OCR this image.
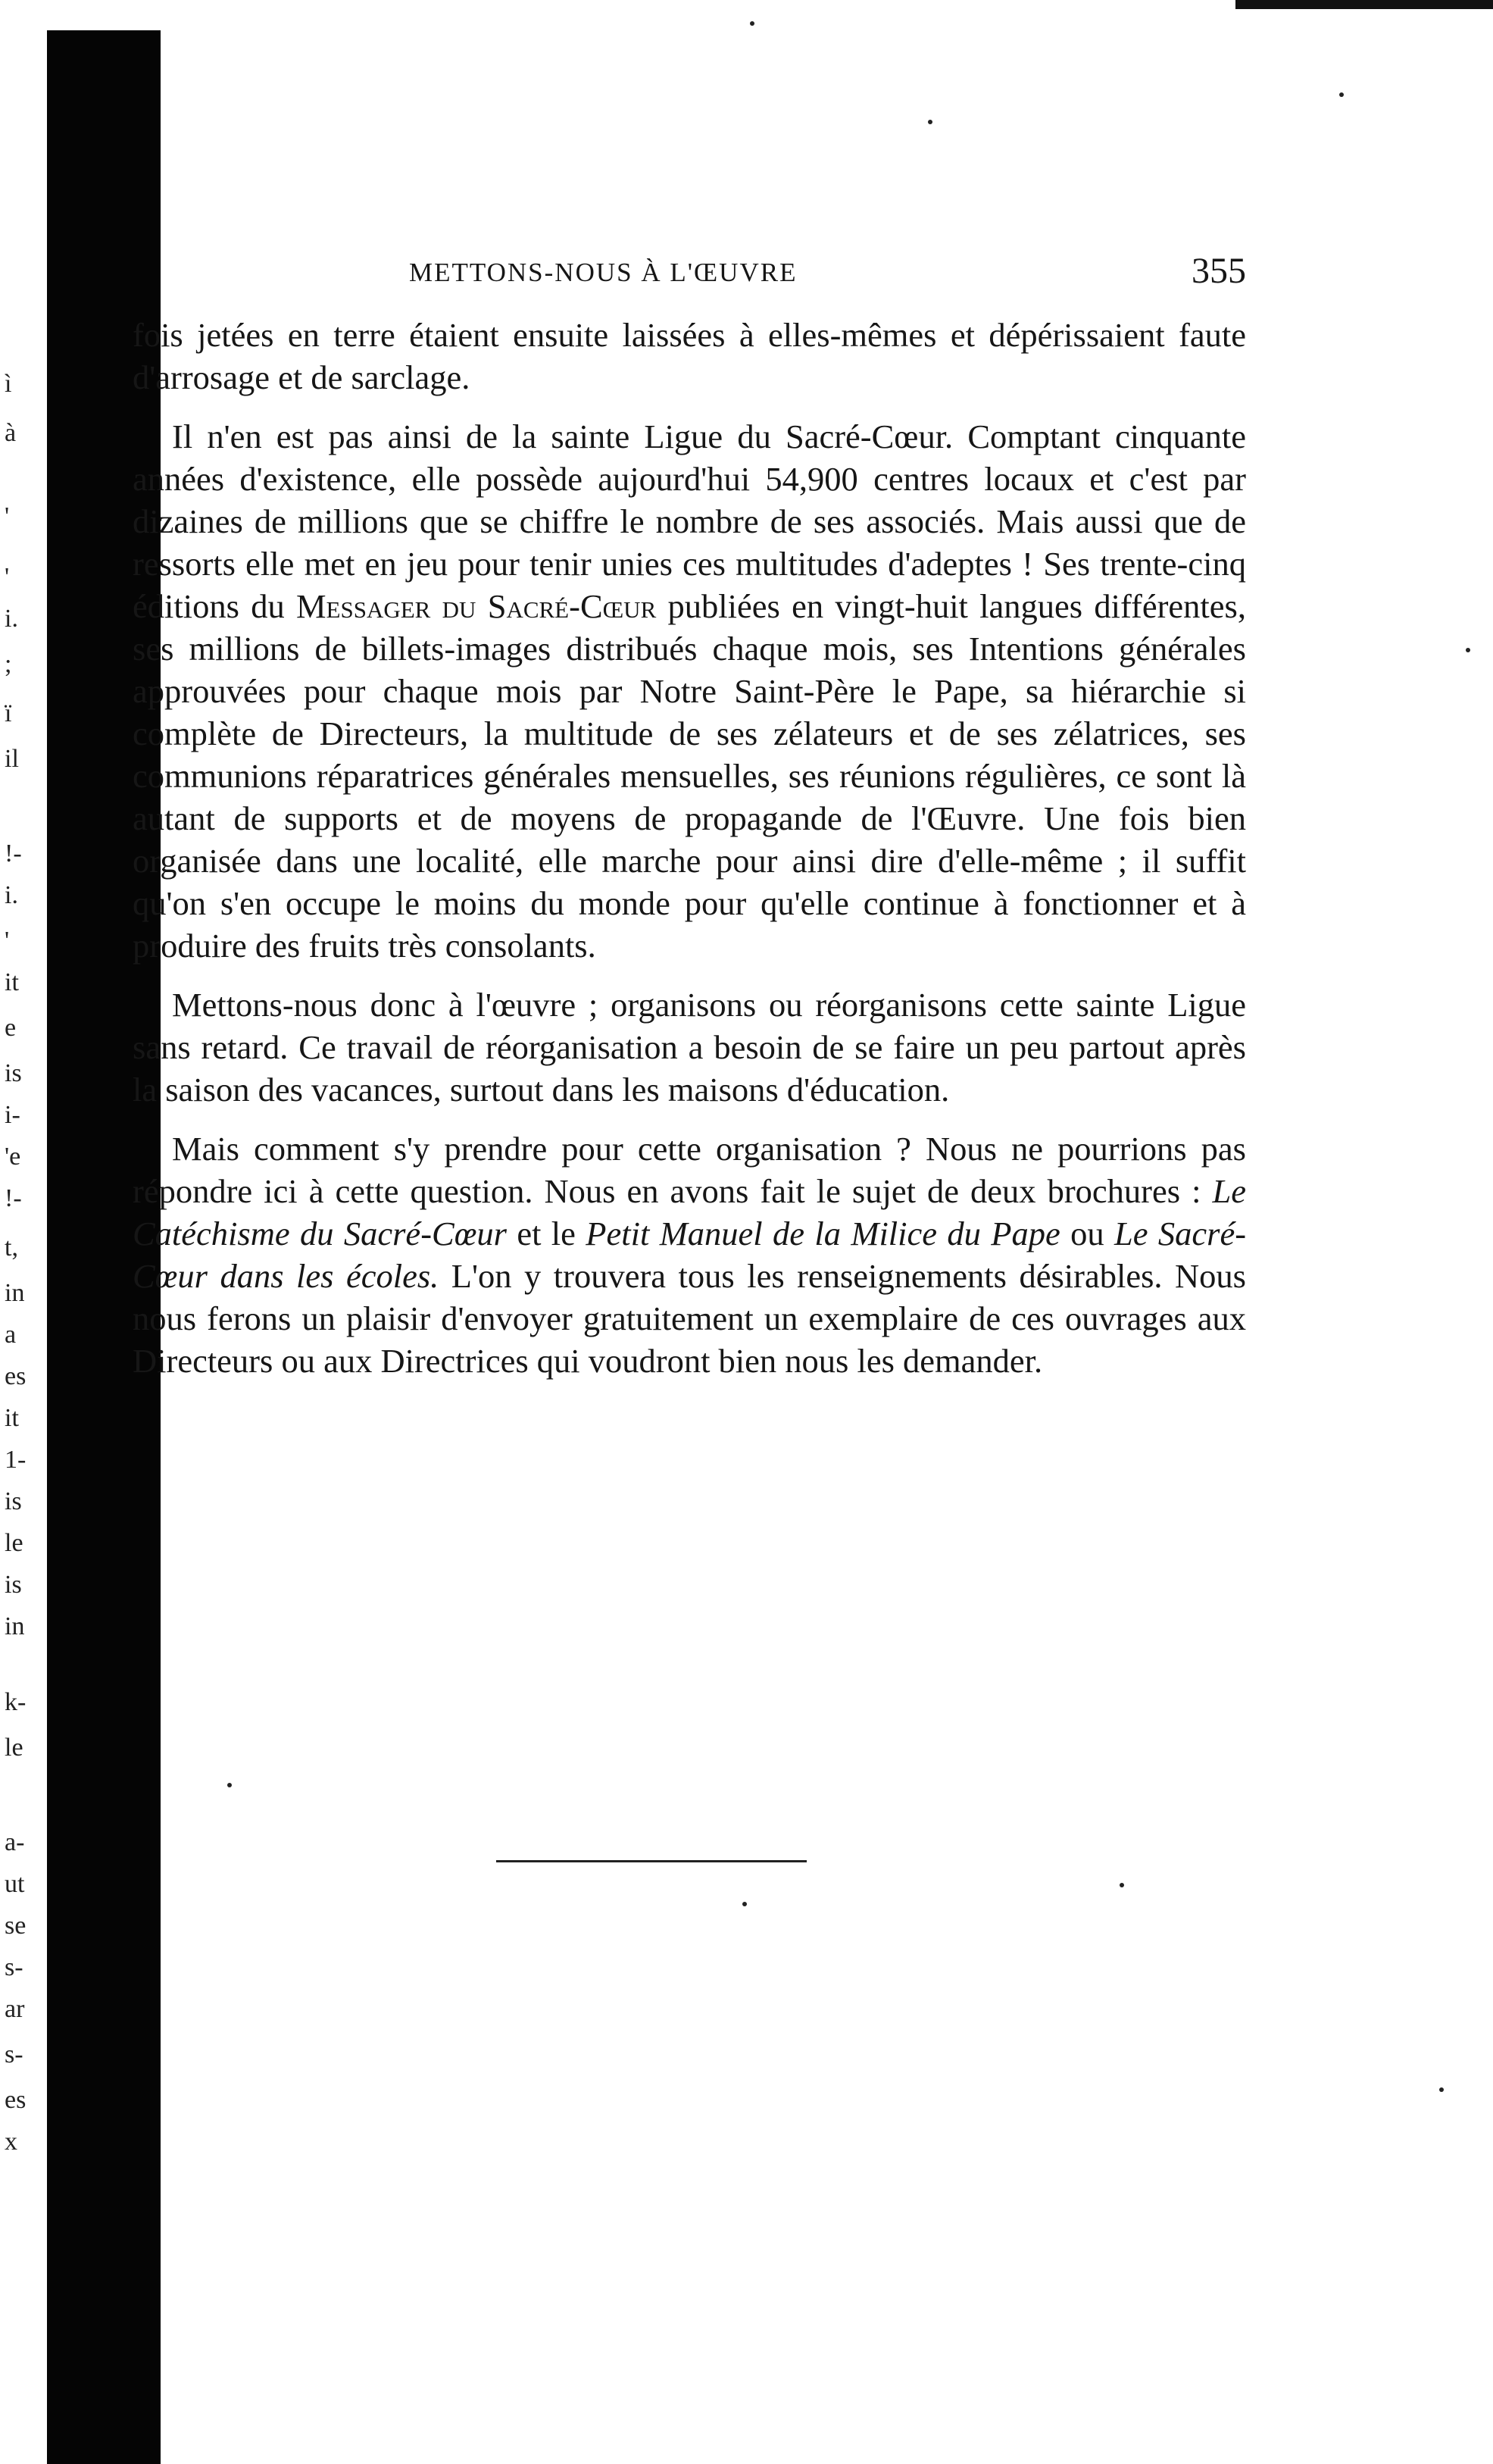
ì
à
'
'
i.
;
ï
il
!-
i.
'
it
e
is
i-
'e
!-
t,
in
a
es
it
1-
is
le
is
in
k-
le
a-
ut
se
s-
ar
s-
es
x
METTONS-NOUS À L'ŒUVRE	355

fois jetées en terre étaient ensuite laissées à elles-mêmes et dépérissaient faute d'arrosage et de sarclage.

Il n'en est pas ainsi de la sainte Ligue du Sacré-Cœur. Comptant cinquante années d'existence, elle possède aujourd'hui 54,900 centres locaux et c'est par dizaines de millions que se chiffre le nombre de ses associés. Mais aussi que de ressorts elle met en jeu pour tenir unies ces multitudes d'adeptes ! Ses trente-cinq éditions du Messager du Sacré-Cœur publiées en vingt-huit langues différentes, ses millions de billets-images distribués chaque mois, ses Intentions générales approuvées pour chaque mois par Notre Saint-Père le Pape, sa hiérarchie si complète de Directeurs, la multitude de ses zélateurs et de ses zélatrices, ses communions réparatrices générales mensuelles, ses réunions régulières, ce sont là autant de supports et de moyens de propagande de l'Œuvre. Une fois bien organisée dans une localité, elle marche pour ainsi dire d'elle-même ; il suffit qu'on s'en occupe le moins du monde pour qu'elle continue à fonctionner et à produire des fruits très consolants.

Mettons-nous donc à l'œuvre ; organisons ou réorganisons cette sainte Ligue sans retard. Ce travail de réorganisation a besoin de se faire un peu partout après la saison des vacances, surtout dans les maisons d'éducation.

Mais comment s'y prendre pour cette organisation ? Nous ne pourrions pas répondre ici à cette question. Nous en avons fait le sujet de deux brochures : Le Catéchisme du Sacré-Cœur et le Petit Manuel de la Milice du Pape ou Le Sacré-Cœur dans les écoles. L'on y trouvera tous les renseignements désirables. Nous nous ferons un plaisir d'envoyer gratuitement un exemplaire de ces ouvrages aux Directeurs ou aux Directrices qui voudront bien nous les demander.
